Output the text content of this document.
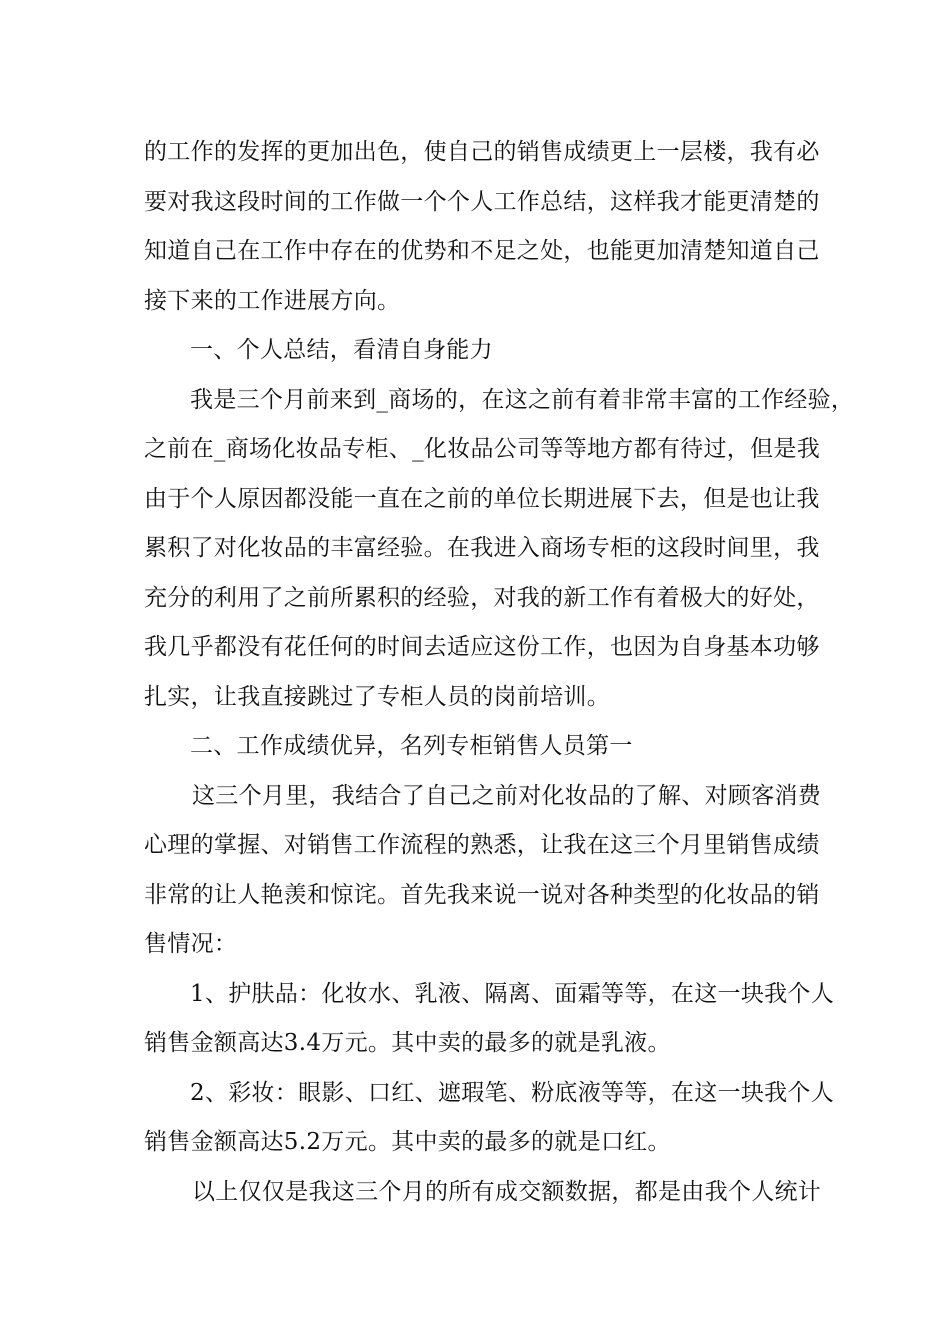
的工作的发挥的更加出色，使自己的销售成绩更上一层楼，我有必
要对我这段时间的工作做一个个人工作总结，这样我才能更清楚的
知道自己在工作中存在的优势和不足之处，也能更加清楚知道自己
接下来的工作进展方向。
一、个人总结，看清自身能力
我是三个月前来到_商场的，在这之前有着非常丰富的工作经验，
之前在_商场化妆品专柜、_化妆品公司等等地方都有待过，但是我
由于个人原因都没能一直在之前的单位长期进展下去，但是也让我
累积了对化妆品的丰富经验。在我进入商场专柜的这段时间里，我
充分的利用了之前所累积的经验，对我的新工作有着极大的好处，
我几乎都没有花任何的时间去适应这份工作，也因为自身基本功够
扎实，让我直接跳过了专柜人员的岗前培训。
二、工作成绩优异，名列专柜销售人员第一
这三个月里，我结合了自己之前对化妆品的了解、对顾客消费
心理的掌握、对销售工作流程的熟悉，让我在这三个月里销售成绩
非常的让人艳羡和惊诧。首先我来说一说对各种类型的化妆品的销
售情况：
1、护肤品：化妆水、乳液、隔离、面霜等等，在这一块我个人
销售金额高达3.4万元。其中卖的最多的就是乳液。
2、彩妆：眼影、口红、遮瑕笔、粉底液等等，在这一块我个人
销售金额高达5.2万元。其中卖的最多的就是口红。
以上仅仅是我这三个月的所有成交额数据，都是由我个人统计
